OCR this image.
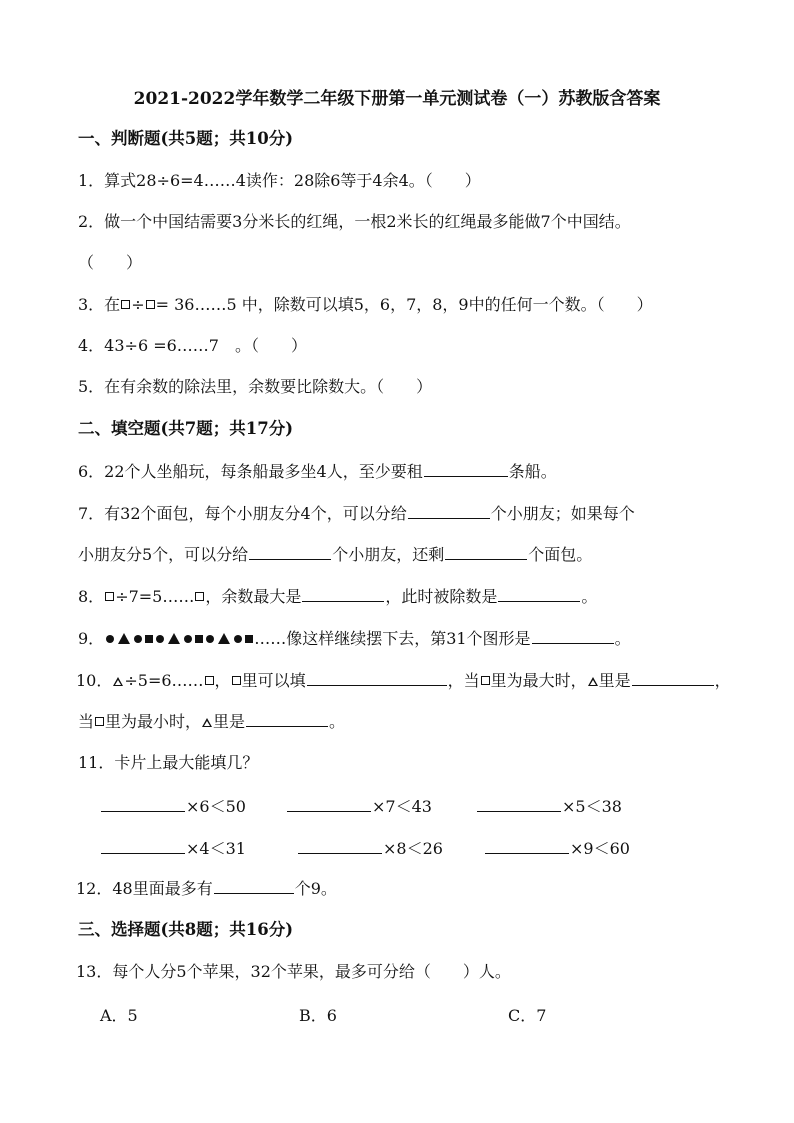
2021-2022学年数学二年级下册第一单元测试卷（一）苏教版含答案
一、判断题(共5题；共10分)
1．算式28÷6=4……4读作：28除6等于4余4。（　　）
2．做一个中国结需要3分米长的红绳，一根2米长的红绳最多能做7个中国结。
（　　）
3．在 ÷ = 36……5 中，除数可以填5，6，7，8，9中的任何一个数。（　　）
4．43÷6 =6……7　。（　　）
5．在有余数的除法里，余数要比除数大。（　　）
二、填空题(共7题；共17分)
6．22个人坐船玩，每条船最多坐4人，至少要租	条船。
7．有32个面包，每个小朋友分4个，可以分给	个小朋友；如果每个
小朋友分5个，可以分给	个小朋友，还剩	个面包。
8． ÷7=5…… ，余数最大是	，此时被除数是	。
9．	……像这样继续摆下去，第31个图形是	。
10． ÷5=6…… ， 里可以填	，当 里为最大时， 里是	，
当 里为最小时， 里是	。
11．卡片上最大能填几？
×6＜50	×7＜43	×5＜38
×4＜31	×8＜26	×9＜60
12．48里面最多有	个9。
三、选择题(共8题；共16分)
13．每个人分5个苹果，32个苹果，最多可分给（　　）人。
A．5	B．6	C．7
